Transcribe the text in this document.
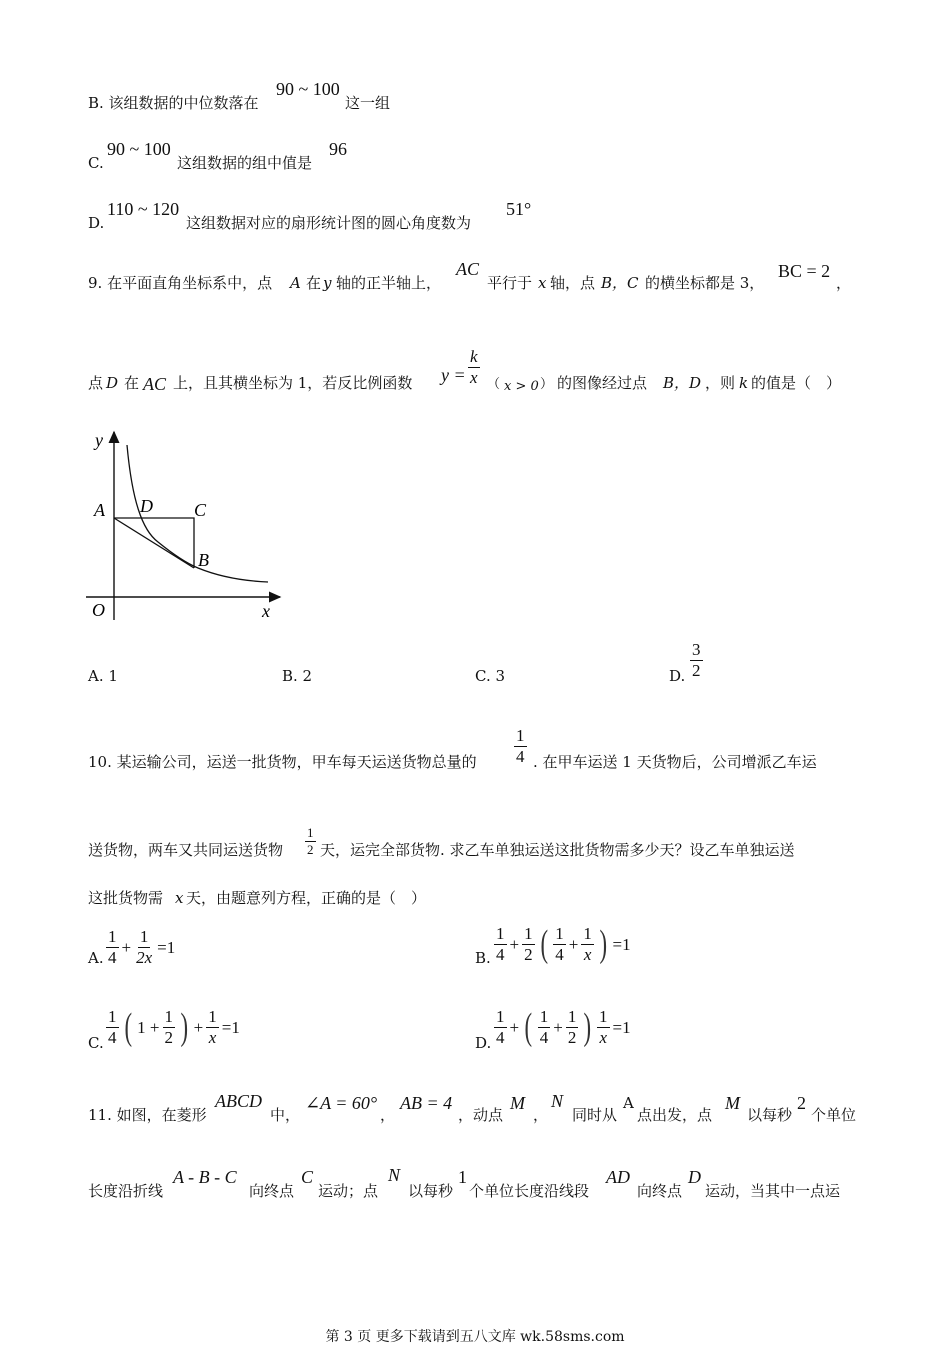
B. 该组数据的中位数落在
90 ~ 100
这一组
C.
90 ~ 100
这组数据的组中值是
96
D.
110 ~ 120
这组数据对应的扇形统计图的圆心角度数为
51°
9. 在平面直角坐标系中，点 A 在 y 轴的正半轴上，
AC
平行于 x 轴，点 B，C 的横坐标都是 3，
BC = 2
，
点 D 在 AC 上，且其横坐标为 1，若反比例函数 $y = \frac{k}{x}$ （ x > 0 ） 的图像经过点 B，D ，则 k 的值是（　）
y
x
O
A D C
B
A. 1	B. 2	C. 3	D. $\frac{3}{2}$
10. 某运输公司，运送一批货物，甲车每天运送货物总量的 $\frac{1}{4}$ . 在甲车运送 1 天货物后，公司增派乙车运
送货物，两车又共同运送货物 $\frac{1}{2}$ 天，运完全部货物. 求乙车单独运送这批货物需多少天？设乙车单独运送
这批货物需 x 天，由题意列方程，正确的是（　）
A. $\frac{1}{4} + \frac{1}{2x} =1$
B. $\frac{1}{4} + \frac{1}{2}$ ( $\frac{1}{4} + \frac{1}{x}$ ) =1
C. $\frac{1}{4}$ ( $1 + \frac{1}{2}$ ) + $\frac{1}{x} =1$
D. $\frac{1}{4}$ + ( $\frac{1}{4} + \frac{1}{2}$ ) $\frac{1}{x} =1$
11. 如图，在菱形
ABCD
中，
∠A = 60°
，
AB = 4
，动点
M
，
N
同时从
A
点出发，点
M
以每秒
2
个单位
长度沿折线
A - B - C
向终点
C
运动；点
N
以每秒
1
个单位长度沿线段
AD
向终点
D
运动，当其中一点运
第 3 页 更多下载请到五八文库 wk.58sms.com
